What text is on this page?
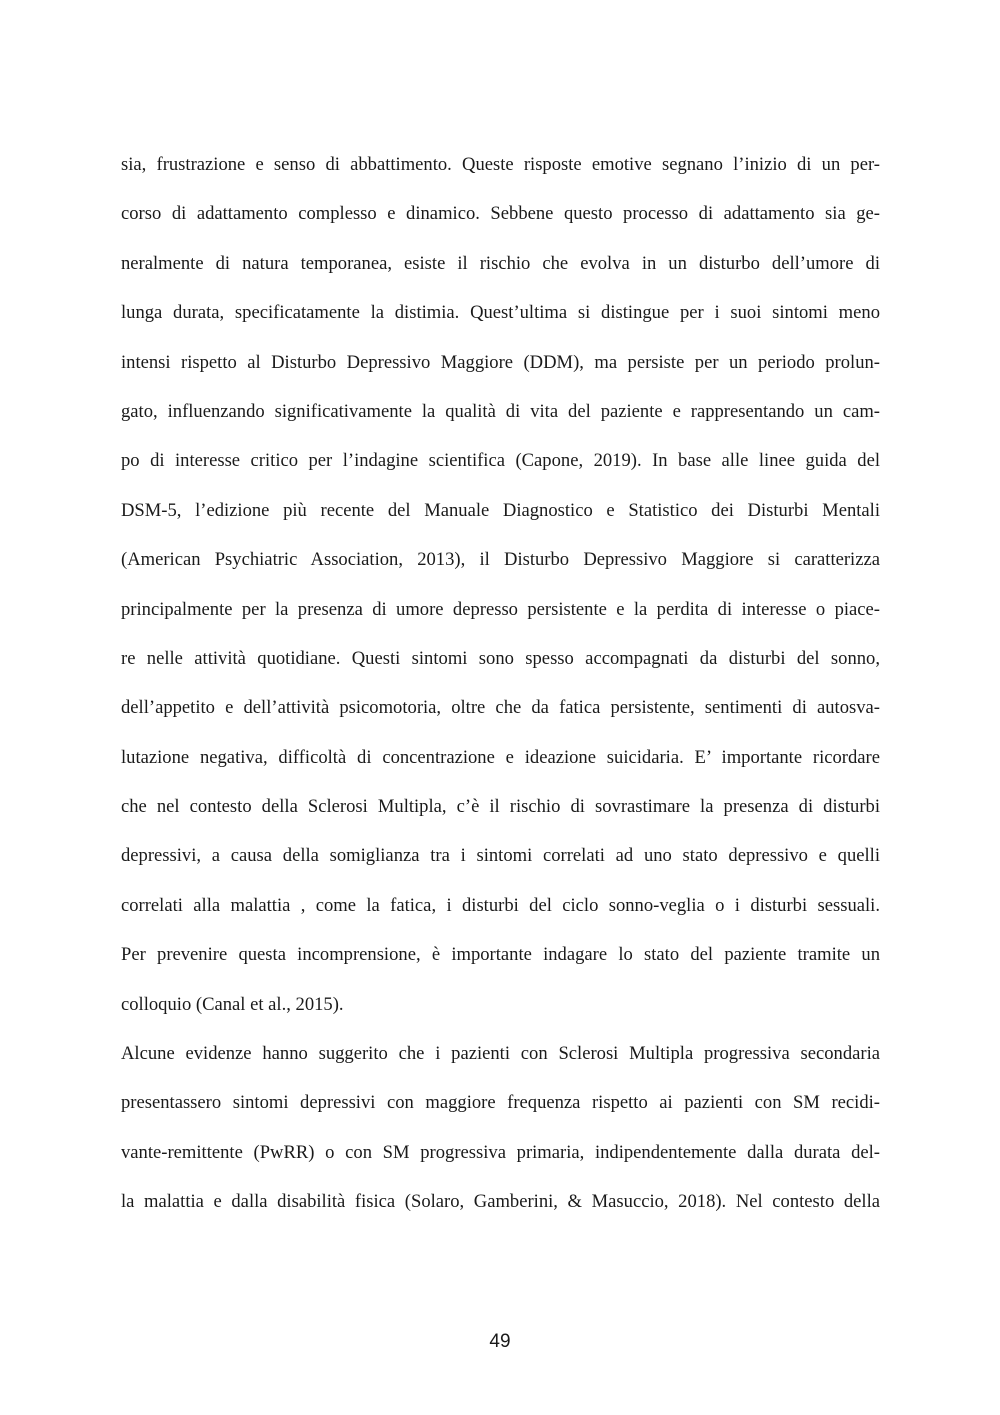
sia, frustrazione e senso di abbattimento. Queste risposte emotive segnano l’inizio di un per-
corso di adattamento complesso e dinamico. Sebbene questo processo di adattamento sia ge-
neralmente di natura temporanea, esiste il rischio che evolva in un disturbo dell’umore di
lunga durata, specificatamente la distimia. Quest’ultima si distingue per i suoi sintomi meno
intensi rispetto al Disturbo Depressivo Maggiore (DDM), ma persiste per un periodo prolun-
gato, influenzando significativamente la qualità di vita del paziente e rappresentando un cam-
po di interesse critico per l’indagine scientifica (Capone, 2019). In base alle linee guida del
DSM-5, l’edizione più recente del Manuale Diagnostico e Statistico dei Disturbi Mentali
(American Psychiatric Association, 2013), il Disturbo Depressivo Maggiore si caratterizza
principalmente per la presenza di umore depresso persistente e la perdita di interesse o piace-
re nelle attività quotidiane. Questi sintomi sono spesso accompagnati da disturbi del sonno,
dell’appetito e dell’attività psicomotoria, oltre che da fatica persistente, sentimenti di autosva-
lutazione negativa, difficoltà di concentrazione e ideazione suicidaria. E’ importante ricordare
che nel contesto della Sclerosi Multipla, c’è il rischio di sovrastimare la presenza di disturbi
depressivi, a causa della somiglianza tra i sintomi correlati ad uno stato depressivo e quelli
correlati alla malattia , come la fatica, i disturbi del ciclo sonno-veglia o i disturbi sessuali.
Per prevenire questa incomprensione, è importante indagare lo stato del paziente tramite un
colloquio (Canal et al., 2015).
Alcune evidenze hanno suggerito che i pazienti con Sclerosi Multipla progressiva secondaria
presentassero sintomi depressivi con maggiore frequenza rispetto ai pazienti con SM recidi-
vante-remittente (PwRR) o con SM progressiva primaria, indipendentemente dalla durata del-
la malattia e dalla disabilità fisica (Solaro, Gamberini, & Masuccio, 2018). Nel contesto della
49
